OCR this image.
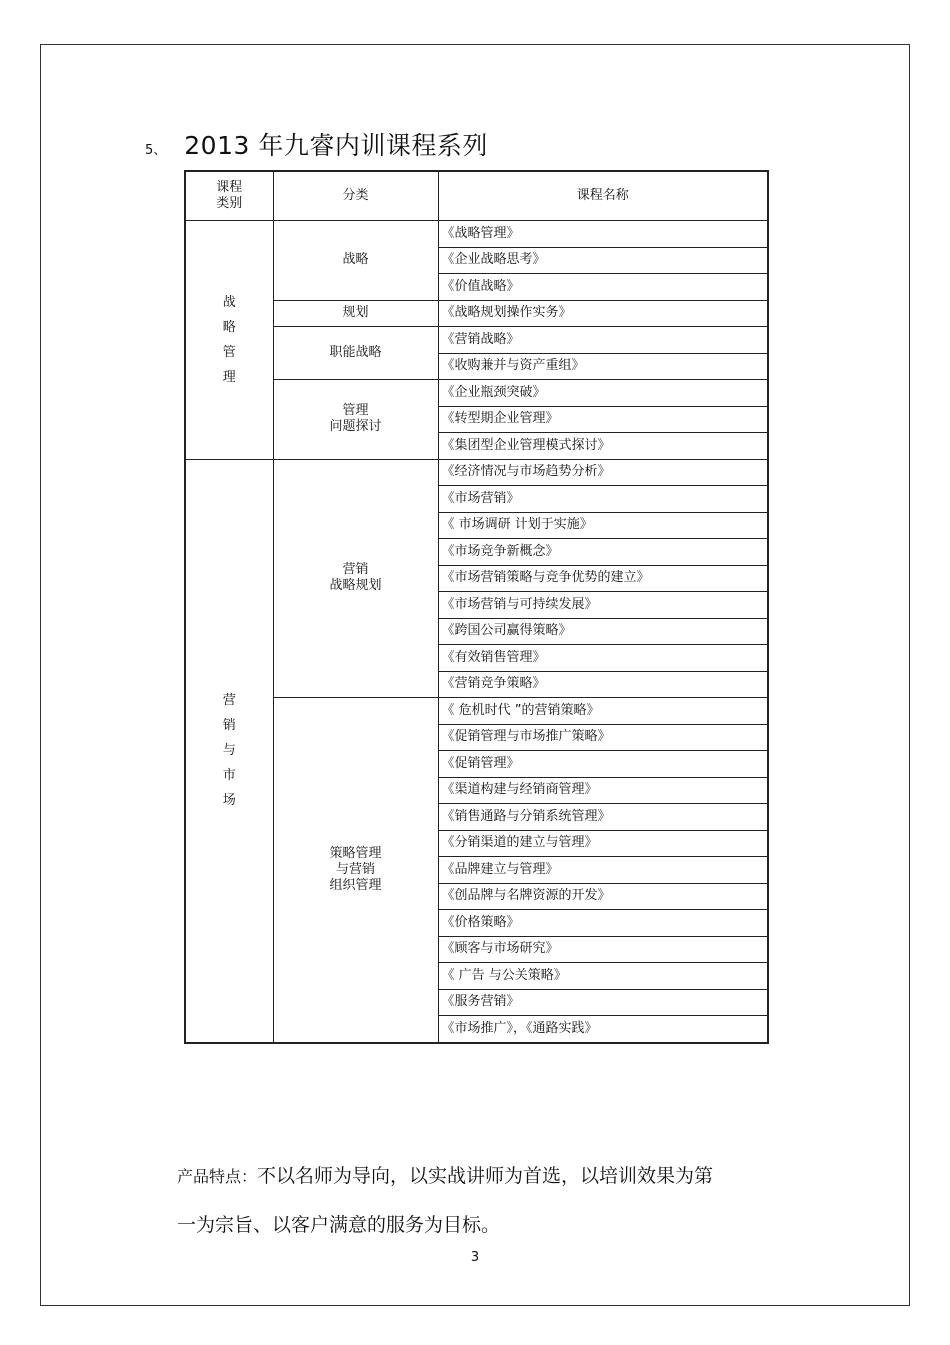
5、 2013 年九睿内训课程系列
课程
类别	分类	课程名称

战
略
管
理	战略	《战略管理》
		《企业战略思考》
		《价值战略》

	规划	《战略规划操作实务》

	职能战略	《营销战略》
		《收购兼并与资产重组》

	管理
问题探讨	《企业瓶颈突破》
		《转型期企业管理》
		《集团型企业管理模式探讨》

营
销
与
市
场	营销
战略规划	《经济情况与市场趋势分析》
		《市场营销》
		《 市场调研 计划于实施》
		《市场竞争新概念》
		《市场营销策略与竞争优势的建立》
		《市场营销与可持续发展》
		《跨国公司赢得策略》
		《有效销售管理》
		《营销竞争策略》

	策略管理
与营销
组织管理	《 危机时代 ”的营销策略》
		《促销管理与市场推广策略》
		《促销管理》
		《渠道构建与经销商管理》
		《销售通路与分销系统管理》
		《分销渠道的建立与管理》
		《品牌建立与管理》
		《创品牌与名牌资源的开发》
		《价格策略》
		《顾客与市场研究》
		《 广告 与公关策略》
		《服务营销》
		《市场推广》，《通路实践》
产品特点：不以名师为导向，以实战讲师为首选，以培训效果为第
一为宗旨、以客户满意的服务为目标。
3
